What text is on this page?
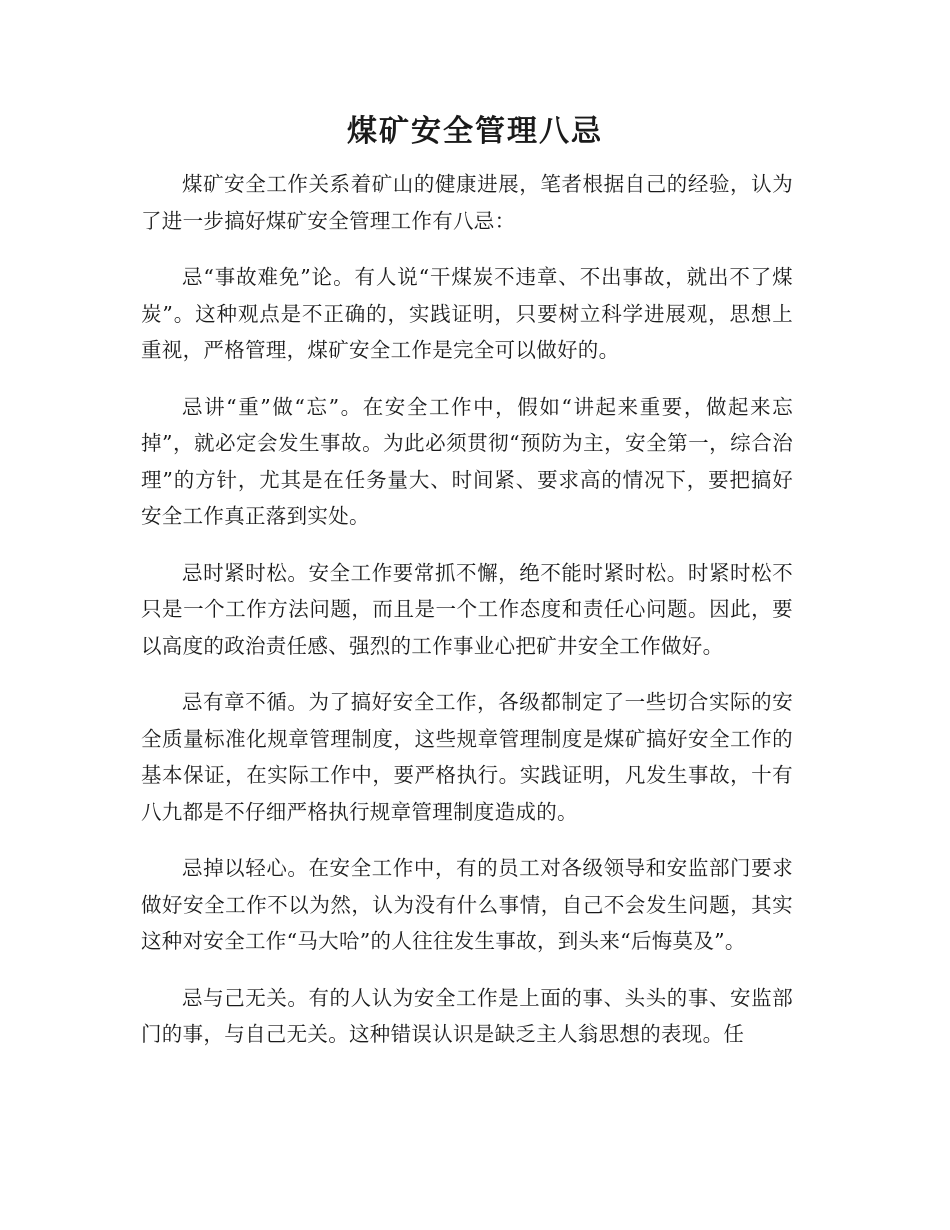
煤矿安全管理八忌

煤矿安全工作关系着矿山的健康进展，笔者根据自己的经验，认为了进一步搞好煤矿安全管理工作有八忌：

忌“事故难免”论。有人说“干煤炭不违章、不出事故，就出不了煤炭”。这种观点是不正确的，实践证明，只要树立科学进展观，思想上重视，严格管理，煤矿安全工作是完全可以做好的。

忌讲“重”做“忘”。在安全工作中，假如“讲起来重要，做起来忘掉”，就必定会发生事故。为此必须贯彻“预防为主，安全第一，综合治理”的方针，尤其是在任务量大、时间紧、要求高的情况下，要把搞好安全工作真正落到实处。

忌时紧时松。安全工作要常抓不懈，绝不能时紧时松。时紧时松不只是一个工作方法问题，而且是一个工作态度和责任心问题。因此，要以高度的政治责任感、强烈的工作事业心把矿井安全工作做好。

忌有章不循。为了搞好安全工作，各级都制定了一些切合实际的安全质量标准化规章管理制度，这些规章管理制度是煤矿搞好安全工作的基本保证，在实际工作中，要严格执行。实践证明，凡发生事故，十有八九都是不仔细严格执行规章管理制度造成的。

忌掉以轻心。在安全工作中，有的员工对各级领导和安监部门要求做好安全工作不以为然，认为没有什么事情，自己不会发生问题，其实这种对安全工作“马大哈”的人往往发生事故，到头来“后悔莫及”。

忌与己无关。有的人认为安全工作是上面的事、头头的事、安监部门的事，与自己无关。这种错误认识是缺乏主人翁思想的表现。任
